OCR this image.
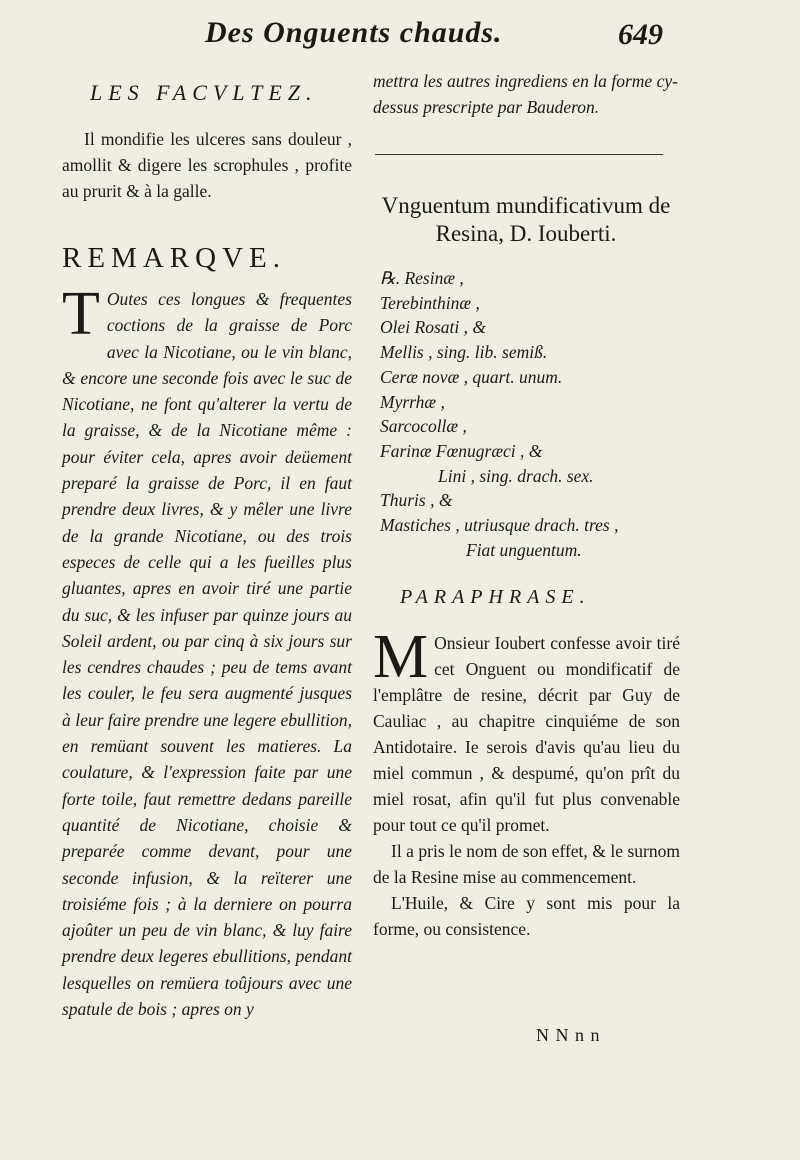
Des Onguents chauds.	649
LES FACVLTEZ.

Il mondifie les ulceres sans douleur , amollit & digere les scrophules , profite au prurit & à la galle.

REMARQVE.
T Outes ces longues & frequentes coctions de la graisse de Porc avec la Nicotiane, ou le vin blanc, & encore une seconde fois avec le suc de Nicotiane, ne font qu'alterer la vertu de la graisse, & de la Nicotiane même : pour éviter cela, apres avoir deüement preparé la graisse de Porc, il en faut prendre deux livres, & y mêler une livre de la grande Nicotiane, ou des trois especes de celle qui a les fueilles plus gluantes, apres en avoir tiré une partie du suc, & les infuser par quinze jours au Soleil ardent, ou par cinq à six jours sur les cendres chaudes ; peu de tems avant les couler, le feu sera augmenté jusques à leur faire prendre une legere ebullition, en remüant souvent les matieres. La coulature, & l'expression faite par une forte toile, faut remettre dedans pareille quantité de Nicotiane, choisie & preparée comme devant, pour une seconde infusion, & la reïterer une troisiéme fois ; à la derniere on pourra ajoûter un peu de vin blanc, & luy faire prendre deux legeres ebullitions, pendant lesquelles on remüera toûjours avec une spatule de bois ; apres on y

mettra les autres ingrediens en la forme cy-dessus prescripte par Bauderon.

Vnguentum mundificativum de Resina, D. Iouberti.
℞. Resinæ ,
Terebinthinæ ,
Olei Rosati , &
Mellis , sing. lib. semiß.
Ceræ novæ , quart. unum.
Myrrhæ ,
Sarcocollæ ,
Farinæ Fœnugræci , &
Lini , sing. drach. sex.
Thuris , &
Mastiches , utriusque drach. tres ,
Fiat unguentum.
PARAPHRASE.
M Onsieur Ioubert confesse avoir tiré cet Onguent ou mondificatif de l'emplâtre de resine, décrit par Guy de Cauliac , au chapitre cinquiéme de son Antidotaire. Ie serois d'avis qu'au lieu du miel commun , & despumé, qu'on prît du miel rosat, afin qu'il fut plus convenable pour tout ce qu'il promet.

Il a pris le nom de son effet, & le surnom de la Resine mise au commencement.

L'Huile, & Cire y sont mis pour la forme, ou consistence.

N N n n
